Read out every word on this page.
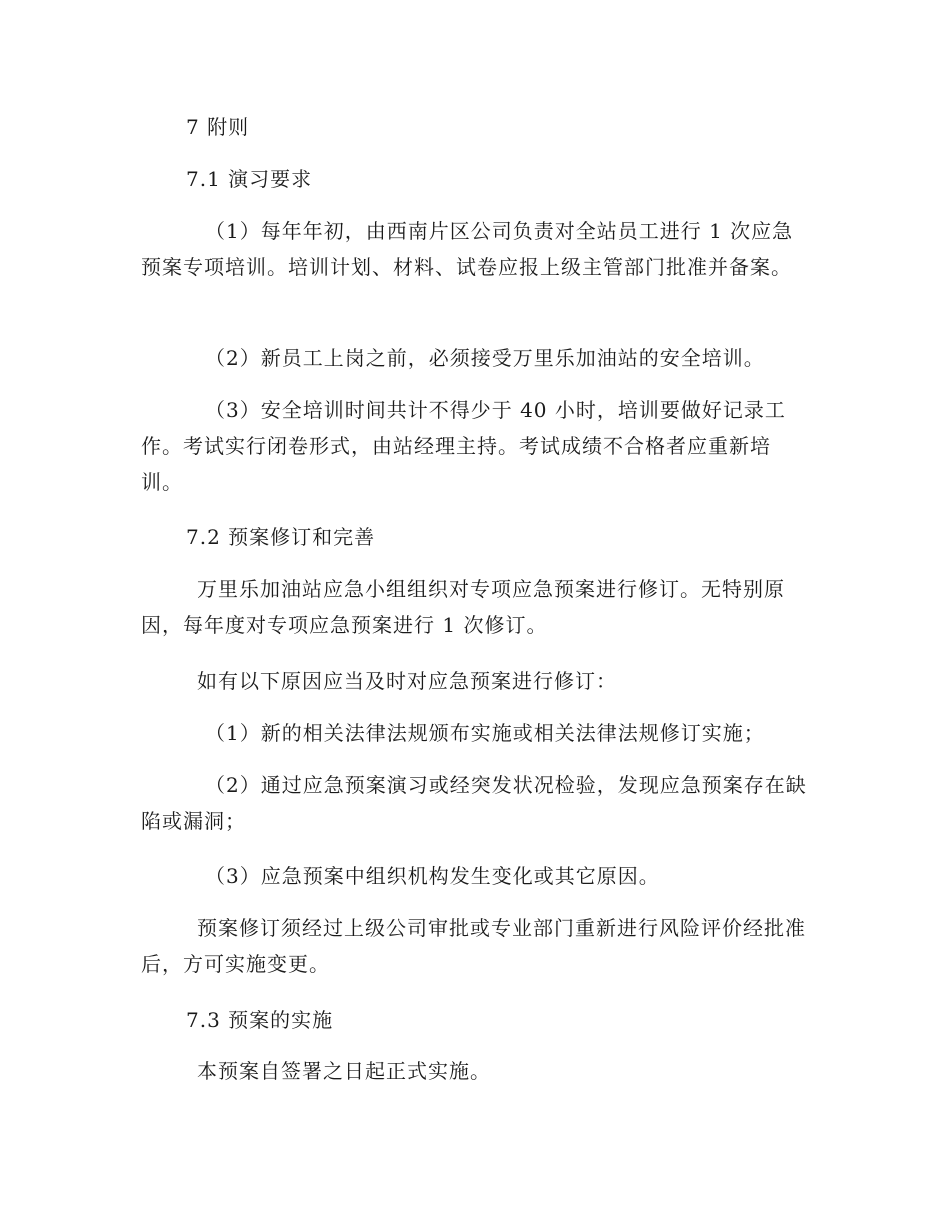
7 附则
7.1 演习要求
（1）每年年初，由西南片区公司负责对全站员工进行 1 次应急预案专项培训。培训计划、材料、试卷应报上级主管部门批准并备案。
（2）新员工上岗之前，必须接受万里乐加油站的安全培训。
（3）安全培训时间共计不得少于 40 小时，培训要做好记录工作。考试实行闭卷形式，由站经理主持。考试成绩不合格者应重新培训。
7.2 预案修订和完善
万里乐加油站应急小组组织对专项应急预案进行修订。无特别原因，每年度对专项应急预案进行 1 次修订。
如有以下原因应当及时对应急预案进行修订：
（1）新的相关法律法规颁布实施或相关法律法规修订实施；
（2）通过应急预案演习或经突发状况检验，发现应急预案存在缺陷或漏洞；
（3）应急预案中组织机构发生变化或其它原因。
预案修订须经过上级公司审批或专业部门重新进行风险评价经批准后，方可实施变更。
7.3 预案的实施
本预案自签署之日起正式实施。
